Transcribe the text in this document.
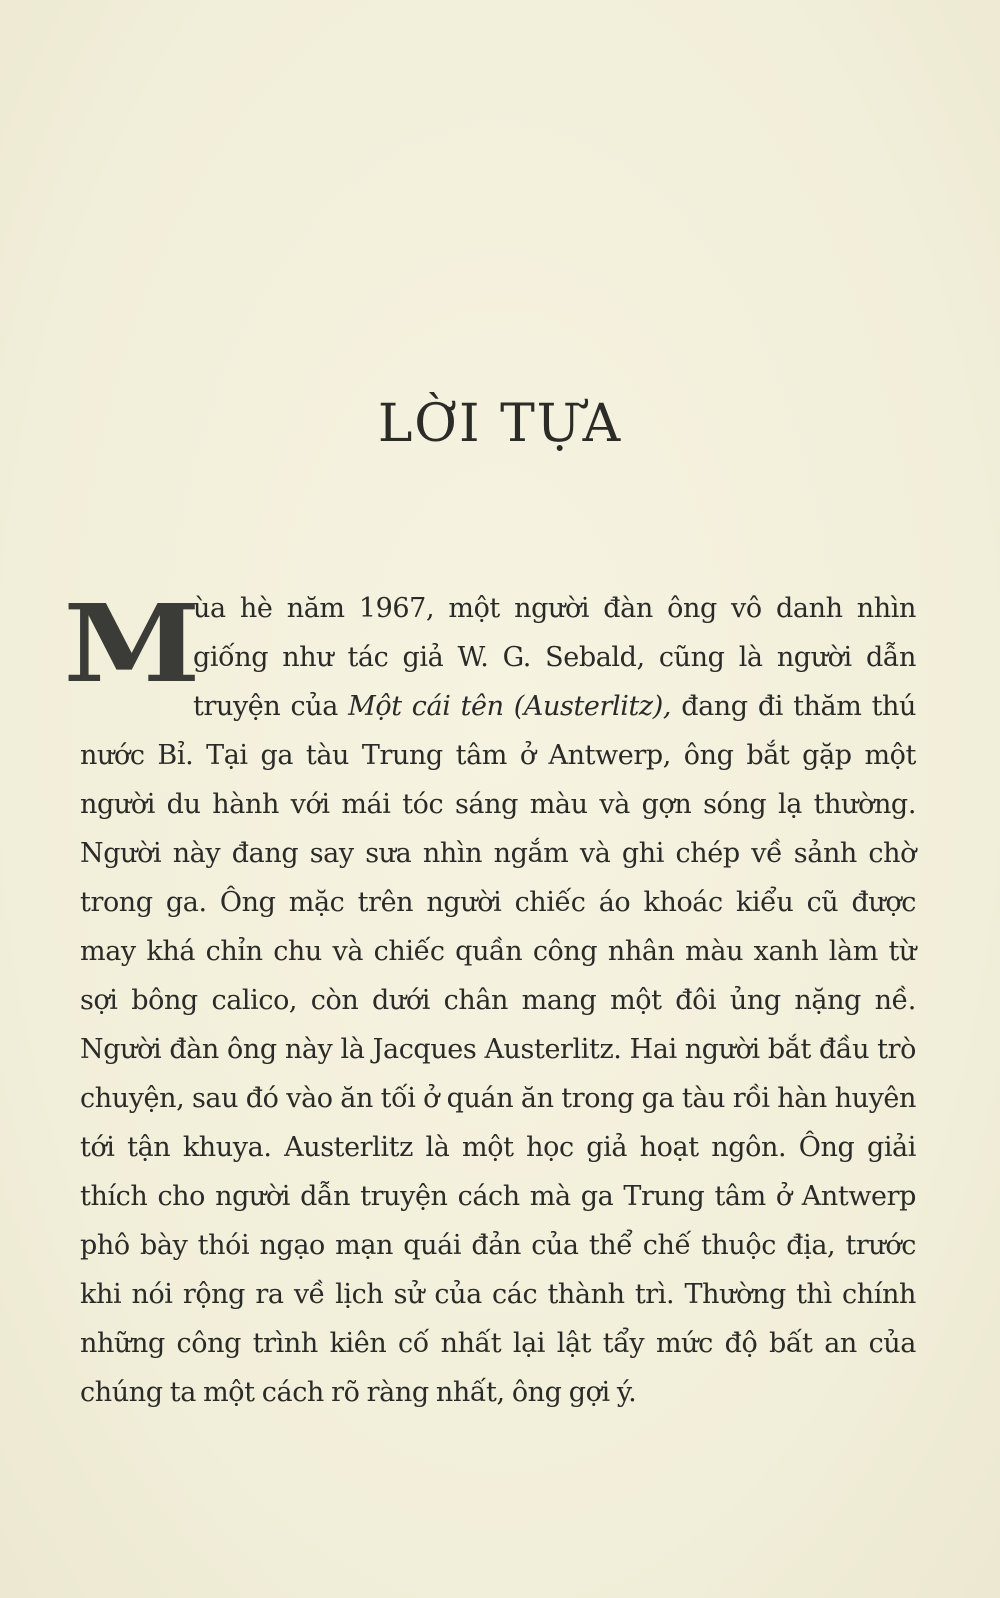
LỜI TỰA
M
ùa hè năm 1967, một người đàn ông vô danh nhìn
giống như tác giả W. G. Sebald, cũng là người dẫn
truyện của Một cái tên (Austerlitz), đang đi thăm thú
nước Bỉ. Tại ga tàu Trung tâm ở Antwerp, ông bắt gặp một
người du hành với mái tóc sáng màu và gợn sóng lạ thường.
Người này đang say sưa nhìn ngắm và ghi chép về sảnh chờ
trong ga. Ông mặc trên người chiếc áo khoác kiểu cũ được
may khá chỉn chu và chiếc quần công nhân màu xanh làm từ
sợi bông calico, còn dưới chân mang một đôi ủng nặng nề.
Người đàn ông này là Jacques Austerlitz. Hai người bắt đầu trò
chuyện, sau đó vào ăn tối ở quán ăn trong ga tàu rồi hàn huyên
tới tận khuya. Austerlitz là một học giả hoạt ngôn. Ông giải
thích cho người dẫn truyện cách mà ga Trung tâm ở Antwerp
phô bày thói ngạo mạn quái đản của thể chế thuộc địa, trước
khi nói rộng ra về lịch sử của các thành trì. Thường thì chính
những công trình kiên cố nhất lại lật tẩy mức độ bất an của
chúng ta một cách rõ ràng nhất, ông gợi ý.
